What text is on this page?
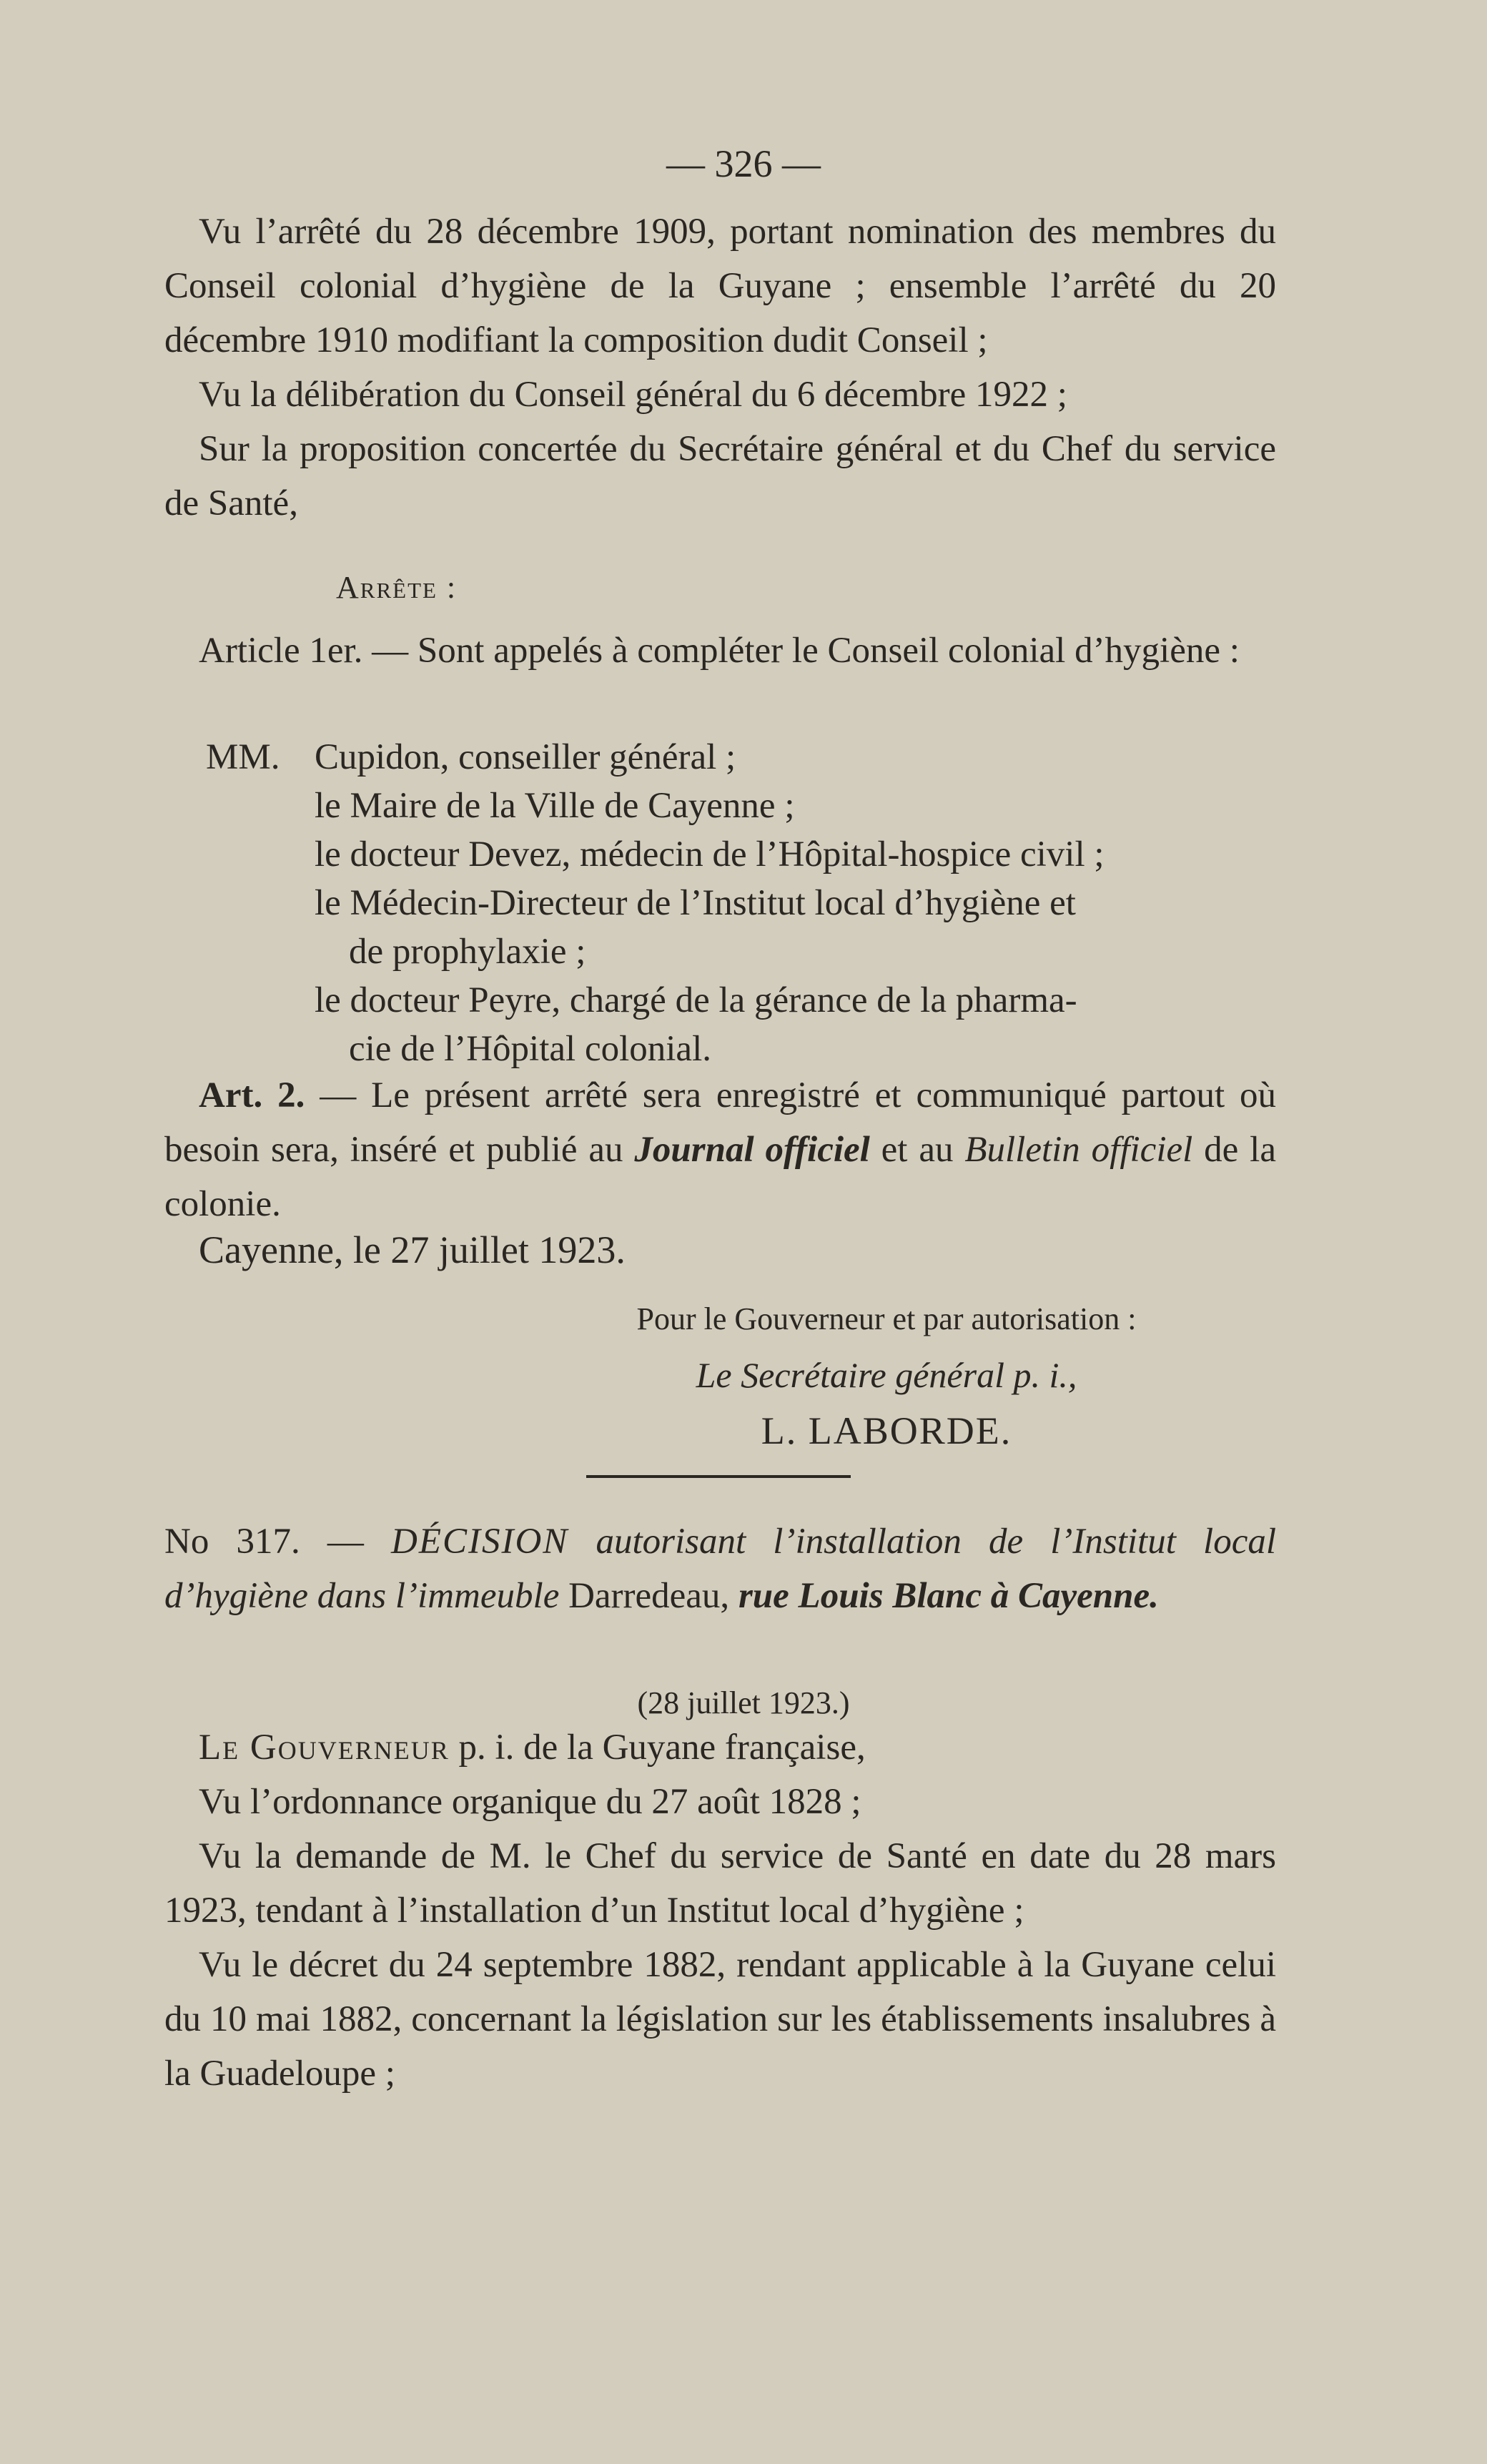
— 326 —

Vu l’arrêté du 28 décembre 1909, portant nomination des membres du Conseil colonial d’hygiène de la Guyane ; ensemble l’arrêté du 20 décembre 1910 modifiant la composition dudit Conseil ;

Vu la délibération du Conseil général du 6 décembre 1922 ;

Sur la proposition concertée du Secrétaire général et du Chef du service de Santé,

Arrête :

Article 1er. — Sont appelés à compléter le Conseil colonial d’hygiène :

MM. Cupidon, conseiller général ;

le Maire de la Ville de Cayenne ;

le docteur Devez, médecin de l’Hôpital-hospice civil ;

le Médecin-Directeur de l’Institut local d’hygiène et
de prophylaxie ;

le docteur Peyre, chargé de la gérance de la pharma-
cie de l’Hôpital colonial.

Art. 2. — Le présent arrêté sera enregistré et communiqué partout où besoin sera, inséré et publié au Journal officiel et au Bulletin officiel de la colonie.

Cayenne, le 27 juillet 1923.

Pour le Gouverneur et par autorisation :

Le Secrétaire général p. i.,

L. LABORDE.

No 317. — DÉCISION autorisant l’installation de l’Institut local d’hygiène dans l’immeuble Darredeau, rue Louis Blanc à Cayenne.

(28 juillet 1923.)

Le Gouverneur p. i. de la Guyane française,

Vu l’ordonnance organique du 27 août 1828 ;

Vu la demande de M. le Chef du service de Santé en date du 28 mars 1923, tendant à l’installation d’un Institut local d’hygiène ;

Vu le décret du 24 septembre 1882, rendant applicable à la Guyane celui du 10 mai 1882, concernant la législation sur les établissements insalubres à la Guadeloupe ;
